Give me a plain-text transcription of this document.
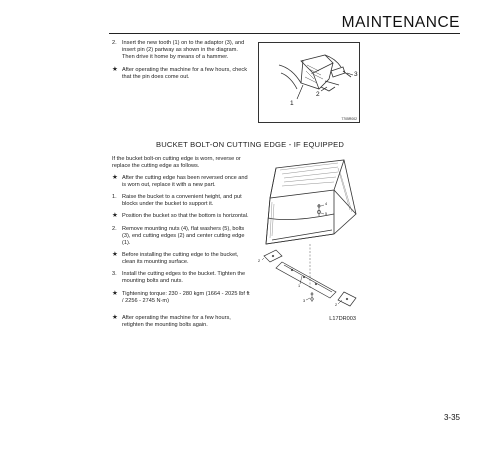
MAINTENANCE
2. Insert the new tooth (1) on to the adaptor (3), and insert pin (2) partway as shown in the diagram. Then drive it home by means of a hammer.
★ After operating the machine for a few hours, check that the pin does come out.
1
2
3
7705R002
BUCKET BOLT-ON CUTTING EDGE - IF EQUIPPED
If the bucket bolt-on cutting edge is worn, reverse or replace the cutting edge as follows.
★ After the cutting edge has been reversed once and is worn out, replace it with a new part.
1. Raise the bucket to a convenient height, and put blocks under the bucket to support it.
★ Position the bucket so that the bottom is horizontal.
2. Remove mounting nuts (4), flat washers (5), bolts (3), end cutting edges (2) and center cutting edge (1).
★ Before installing the cutting edge to the bucket, clean its mounting surface.
3. Install the cutting edges to the bucket. Tighten the mounting bolts and nuts.
★ Tightening torque: 230 - 280 kgm (1664 - 2025 lbf ft / 2256 - 2745 N·m)
★ After operating the machine for a few hours, retighten the mounting bolts again.
4
5
2
1
3
2
L17DR003
3-35
